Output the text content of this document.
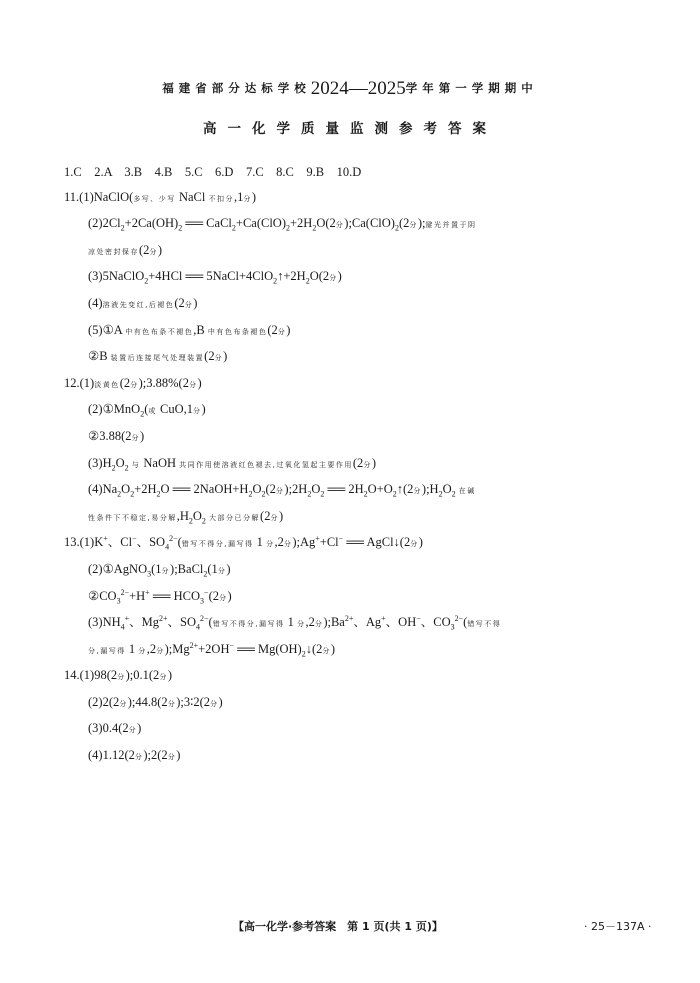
福建省部分达标学校2024—2025学年第一学期期中
高一化学质量监测参考答案
1.C　2.A　3.B　4.B　5.C　6.D　7.C　8.C　9.B　10.D
11.(1)NaClO(多写、少写 NaCl 不扣分,1分)
$(2)2Cl_2+2Ca(OH)_2$ ══ $CaCl_2+Ca(ClO)_2+2H_2O(2$分)$;Ca(ClO)_2(2$分);避光并置于阴
凉处密封保存(2分)
(3)5NaClO$_2$+4HCl ══ $5NaCl+4ClO_2↑+2H_2O(2$分)
(4)溶液先变红,后褪色(2分)
(5)①A 中有色布条不褪色,B 中有色布条褪色(2分)
②B 装置后连接尾气处理装置(2分)
12.(1)淡黄色(2分);3.88%(2分)
(2)①MnO$_2$(或 CuO,1分)
②3.88(2分)
$(3)H_2O_2$ 与 NaOH 共同作用使溶液红色褪去,过氧化氢起主要作用(2分)
$(4)Na_2O_2+2H_2O$ ══ $2NaOH+H_2O_2(2$分)$;2H_2O_2$ ══ $2H_2O+O_2↑(2$分)$;H_2O_2$ 在碱
性条件下不稳定,易分解$,H_2O_2$ 大部分已分解(2分)
13.(1)K+、Cl−、$SO_4^{2-}$(错写不得分,漏写得 1 分,2分);Ag++Cl− ══ AgCl↓(2分)
(2)①AgNO$_3$(1分);BaCl$_2$(1分)
$②CO_3^{2-}+H^+$ ══ $HCO_3^-(2$分)
$(3)NH_4^+$、$Mg^{2+}$、$SO_4^{2-}$(错写不得分,漏写得 1 分,2分)$;Ba^{2+}$、Ag+、OH−、$CO_3^{2-}$(错写不得
分,漏写得 1 分,2分)$;Mg^{2+}+2OH^-$ ══ $Mg(OH)_2↓(2$分)
14.(1)98(2分);0.1(2分)
(2)2(2分);44.8(2分);3∶2(2分)
(3)0.4(2分)
(4)1.12(2分);2(2分)
【高一化学·参考答案　第 1 页(共 1 页)】	· 25－137A ·
